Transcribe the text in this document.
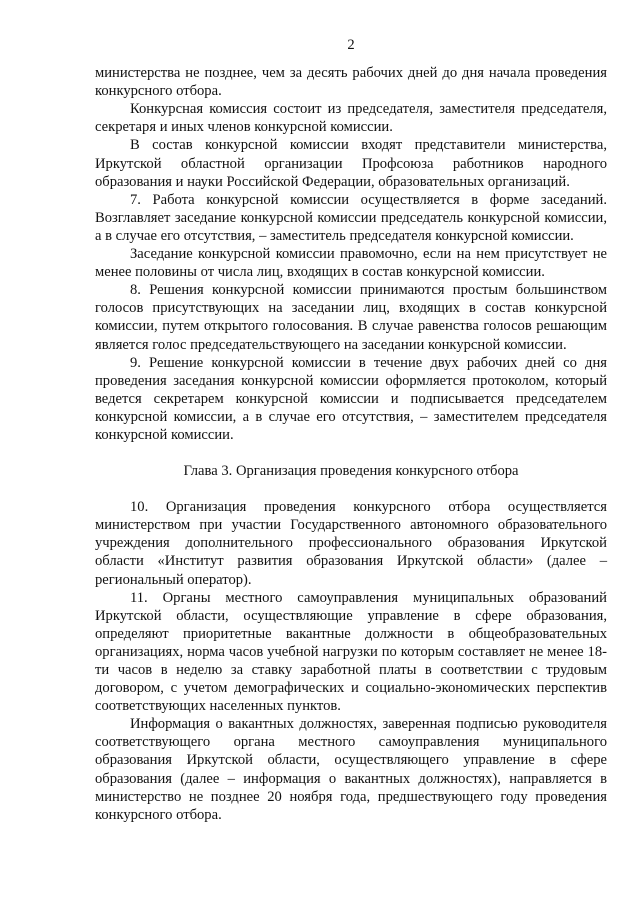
2

министерства не позднее, чем за десять рабочих дней до дня начала проведения конкурсного отбора.

Конкурсная комиссия состоит из председателя, заместителя председателя, секретаря и иных членов конкурсной комиссии.

В состав конкурсной комиссии входят представители министерства, Иркутской областной организации Профсоюза работников народного образования и науки Российской Федерации, образовательных организаций.

7. Работа конкурсной комиссии осуществляется в форме заседаний. Возглавляет заседание конкурсной комиссии председатель конкурсной комиссии, а в случае его отсутствия, – заместитель председателя конкурсной комиссии.

Заседание конкурсной комиссии правомочно, если на нем присутствует не менее половины от числа лиц, входящих в состав конкурсной комиссии.

8. Решения конкурсной комиссии принимаются простым большинством голосов присутствующих на заседании лиц, входящих в состав конкурсной комиссии, путем открытого голосования. В случае равенства голосов решающим является голос председательствующего на заседании конкурсной комиссии.

9. Решение конкурсной комиссии в течение двух рабочих дней со дня проведения заседания конкурсной комиссии оформляется протоколом, который ведется секретарем конкурсной комиссии и подписывается председателем конкурсной комиссии, а в случае его отсутствия, – заместителем председателя конкурсной комиссии.

Глава 3. Организация проведения конкурсного отбора

10. Организация проведения конкурсного отбора осуществляется министерством при участии Государственного автономного образовательного учреждения дополнительного профессионального образования Иркутской области «Институт развития образования Иркутской области» (далее – региональный оператор).

11. Органы местного самоуправления муниципальных образований Иркутской области, осуществляющие управление в сфере образования, определяют приоритетные вакантные должности в общеобразовательных организациях, норма часов учебной нагрузки по которым составляет не менее 18-ти часов в неделю за ставку заработной платы в соответствии с трудовым договором, с учетом демографических и социально-экономических перспектив соответствующих населенных пунктов.

Информация о вакантных должностях, заверенная подписью руководителя соответствующего органа местного самоуправления муниципального образования Иркутской области, осуществляющего управление в сфере образования (далее – информация о вакантных должностях), направляется в министерство не позднее 20 ноября года, предшествующего году проведения конкурсного отбора.
